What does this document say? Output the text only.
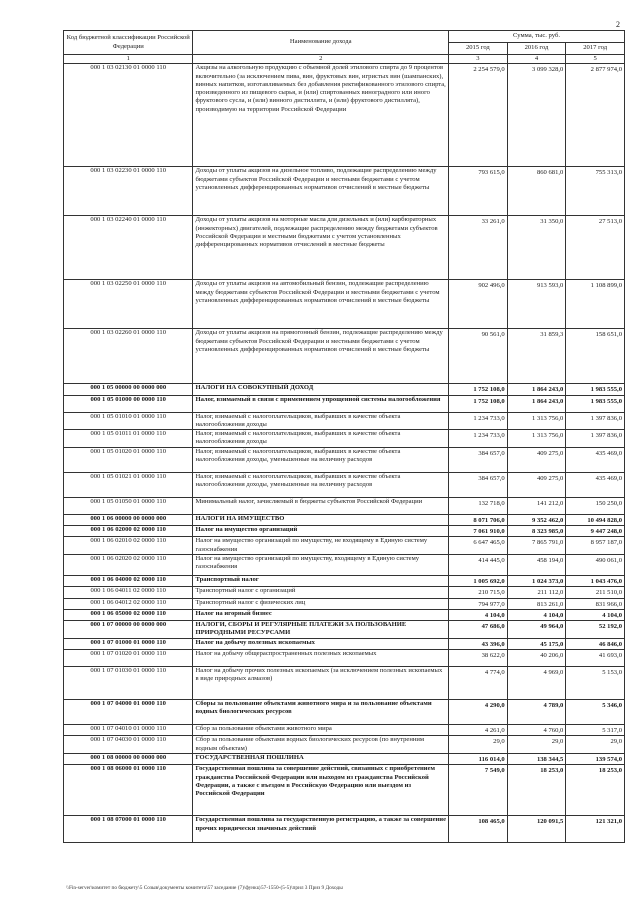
2
Код бюджетной классификации Российской Федерации	Наименование дохода	Сумма, тыс. руб.		
		2015 год	2016 год	2017 год
1	2	3	4	5
000 1 03 02130 01 0000 110	Акцизы на алкогольную продукцию с объемной долей этилового спирта до 9 процентов включительно (за исключением пива, вин, фруктовых вин, игристых вин (шампанских), винных напитков, изготавливаемых без добавления ректификованного этилового спирта, произведенного из пищевого сырья, и (или) спиртованных виноградного или иного фруктового сусла, и (или) винного дистиллята, и (или) фруктового дистиллята), производимую на территории Российской Федерации	2 254 579,0	3 099 328,0	2 877 974,0
000 1 03 02230 01 0000 110	Доходы от уплаты акцизов на дизельное топливо, подлежащие распределению между бюджетами субъектов Российской Федерации и местными бюджетами с учетом установленных дифференцированных нормативов отчислений в местные бюджеты	793 615,0	860 681,0	755 313,0
000 1 03 02240 01 0000 110	Доходы от уплаты акцизов на моторные масла для дизельных и (или) карбюраторных (инжекторных) двигателей, подлежащие распределению между бюджетами субъектов Российской Федерации и местными бюджетами с учетом установленных дифференцированных нормативов отчислений в местные бюджеты	33 261,0	31 350,0	27 513,0
000 1 03 02250 01 0000 110	Доходы от уплаты акцизов на автомобильный бензин, подлежащие распределению между бюджетами субъектов Российской Федерации и местными бюджетами с учетом установленных дифференцированных нормативов отчислений в местные бюджеты	902 496,0	913 593,0	1 108 899,0
000 1 03 02260 01 0000 110	Доходы от уплаты акцизов на прямогонный бензин, подлежащие распределению между бюджетами субъектов Российской Федерации и местными бюджетами с учетом установленных дифференцированных нормативов отчислений в местные бюджеты	90 561,0	31 859,3	158 651,0
000 1 05 00000 00 0000 000	НАЛОГИ НА СОВОКУПНЫЙ ДОХОД	1 752 108,0	1 864 243,0	1 983 555,0
000 1 05 01000 00 0000 110	Налог, взимаемый в связи с применением упрощенной системы налогообложения	1 752 108,0	1 864 243,0	1 983 555,0
000 1 05 01010 01 0000 110	Налог, взимаемый с налогоплательщиков, выбравших в качестве объекта налогообложения доходы	1 234 733,0	1 313 756,0	1 397 836,0
000 1 05 01011 01 0000 110	Налог, взимаемый с налогоплательщиков, выбравших в качестве объекта налогообложения доходы	1 234 733,0	1 313 756,0	1 397 836,0
000 1 05 01020 01 0000 110	Налог, взимаемый с налогоплательщиков, выбравших в качестве объекта налогообложения доходы, уменьшенные на величину расходов	384 657,0	409 275,0	435 469,0
000 1 05 01021 01 0000 110	Налог, взимаемый с налогоплательщиков, выбравших в качестве объекта налогообложения доходы, уменьшенные на величину расходов	384 657,0	409 275,0	435 469,0
000 1 05 01050 01 0000 110	Минимальный налог, зачисляемый в бюджеты субъектов Российской Федерации	132 718,0	141 212,0	150 250,0
000 1 06 00000 00 0000 000	НАЛОГИ НА ИМУЩЕСТВО	8 071 706,0	9 352 462,0	10 494 828,0
000 1 06 02000 02 0000 110	Налог на имущество организаций	7 061 910,0	8 323 985,0	9 447 248,0
000 1 06 02010 02 0000 110	Налог на имущество организаций по имуществу, не входящему в Единую систему газоснабжения	6 647 465,0	7 865 791,0	8 957 187,0
000 1 06 02020 02 0000 110	Налог на имущество организаций по имуществу, входящему в Единую систему газоснабжения	414 445,0	458 194,0	490 061,0
000 1 06 04000 02 0000 110	Транспортный налог	1 005 692,0	1 024 373,0	1 043 476,0
000 1 06 04011 02 0000 110	Транспортный налог с организаций	210 715,0	211 112,0	211 510,0
000 1 06 04012 02 0000 110	Транспортный налог с физических лиц	794 977,0	813 261,0	831 966,0
000 1 06 05000 02 0000 110	Налог на игорный бизнес	4 104,0	4 104,0	4 104,0
000 1 07 00000 00 0000 000	НАЛОГИ, СБОРЫ И РЕГУЛЯРНЫЕ ПЛАТЕЖИ ЗА ПОЛЬЗОВАНИЕ ПРИРОДНЫМИ РЕСУРСАМИ	47 686,0	49 964,0	52 192,0
000 1 07 01000 01 0000 110	Налог на добычу полезных ископаемых	43 396,0	45 175,0	46 846,0
000 1 07 01020 01 0000 110	Налог на добычу общераспространенных полезных ископаемых	38 622,0	40 206,0	41 693,0
000 1 07 01030 01 0000 110	Налог на добычу прочих полезных ископаемых (за исключением полезных ископаемых в виде природных алмазов)	4 774,0	4 969,0	5 153,0
000 1 07 04000 01 0000 110	Сборы за пользование объектами животного мира и за пользование объектами водных биологических ресурсов	4 290,0	4 789,0	5 346,0
000 1 07 04010 01 0000 110	Сбор за пользование объектами животного мира	4 261,0	4 760,0	5 317,0
000 1 07 04030 01 0000 110	Сбор за пользование объектами водных биологических ресурсов (по внутренним водным объектам)	29,0	29,0	29,0
000 1 08 00000 00 0000 000	ГОСУДАРСТВЕННАЯ ПОШЛИНА	116 014,0	138 344,5	139 574,0
000 1 08 06000 01 0000 110	Государственная пошлина за совершение действий, связанных с приобретением гражданства Российской Федерации или выходом из гражданства Российской Федерации, а также с въездом в Российскую Федерацию или выездом из Российской Федерации	7 549,0	18 253,0	18 253,0
000 1 08 07000 01 0000 110	Государственная пошлина за государственную регистрацию, а также за совершение прочих юридически значимых действий	108 465,0	120 091,5	121 321,0
\\Fin-server\комитет по бюджету\5 Созыв\документы комитета\57 заседание (7)\функц\57-1550-(5-5)\прил 3 Приз 9 Доходы
